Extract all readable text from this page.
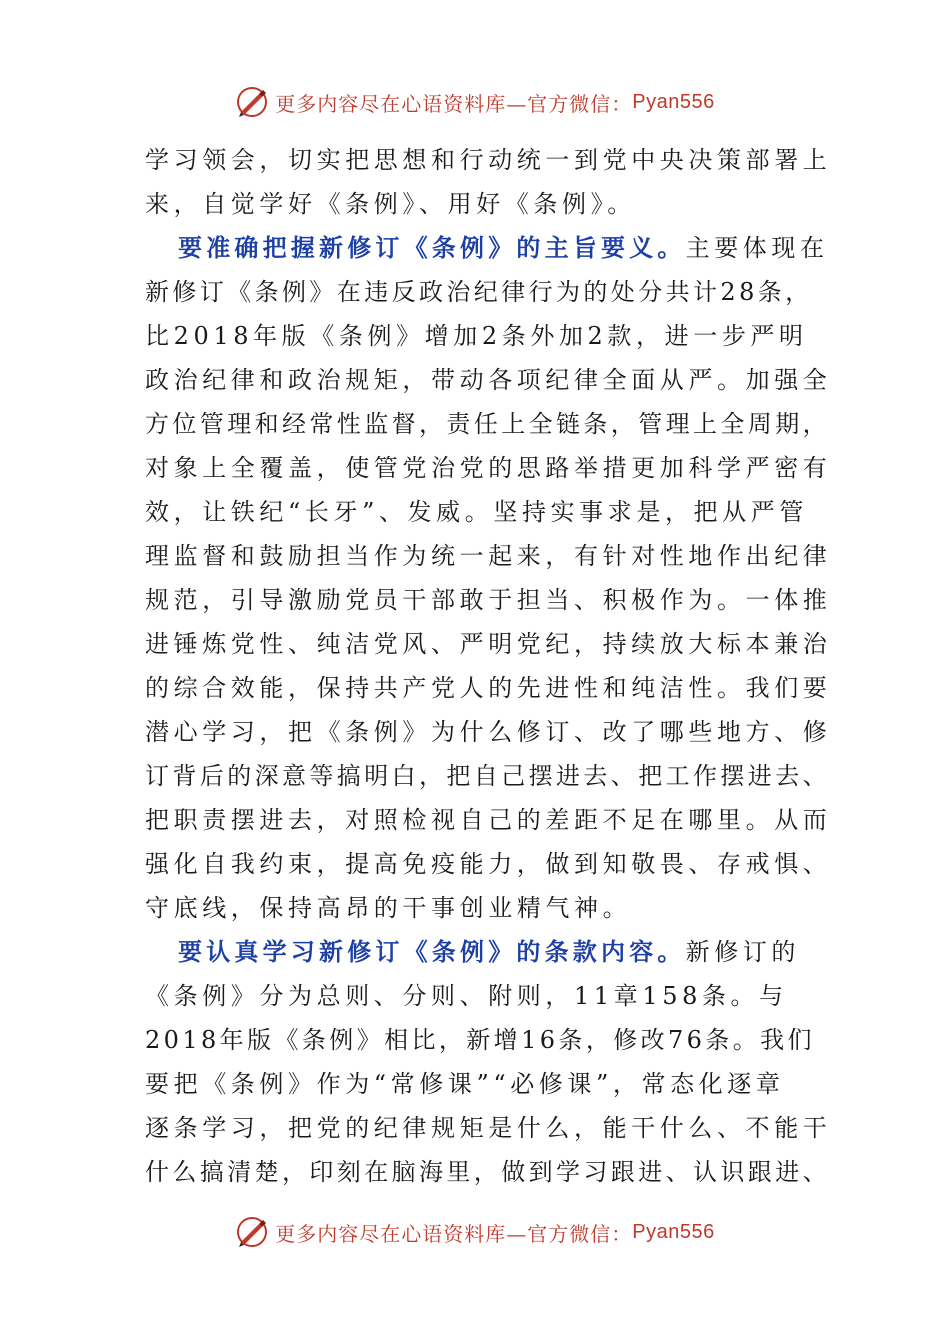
更多内容尽在心语资料库—官方微信： Pyan556
学习领会，切实把思想和行动统一到党中央决策部署上
来，自觉学好《条例》、用好《条例》。
要准确把握新修订《条例》的主旨要义。主要体现在
新修订《条例》在违反政治纪律行为的处分共计28条，
比2018年版《条例》增加2条外加2款，进一步严明
政治纪律和政治规矩，带动各项纪律全面从严。加强全
方位管理和经常性监督，责任上全链条，管理上全周期，
对象上全覆盖，使管党治党的思路举措更加科学严密有
效，让铁纪“长牙”、发威。坚持实事求是，把从严管
理监督和鼓励担当作为统一起来，有针对性地作出纪律
规范，引导激励党员干部敢于担当、积极作为。一体推
进锤炼党性、纯洁党风、严明党纪，持续放大标本兼治
的综合效能，保持共产党人的先进性和纯洁性。我们要
潜心学习，把《条例》为什么修订、改了哪些地方、修
订背后的深意等搞明白，把自己摆进去、把工作摆进去、
把职责摆进去，对照检视自己的差距不足在哪里。从而
强化自我约束，提高免疫能力，做到知敬畏、存戒惧、
守底线，保持高昂的干事创业精气神。
要认真学习新修订《条例》的条款内容。新修订的
《条例》分为总则、分则、附则，11章158条。与
2018年版《条例》相比，新增16条，修改76条。我们
要把《条例》作为“常修课”“必修课”，常态化逐章
逐条学习，把党的纪律规矩是什么，能干什么、不能干
什么搞清楚，印刻在脑海里，做到学习跟进、认识跟进、
更多内容尽在心语资料库—官方微信： Pyan556
